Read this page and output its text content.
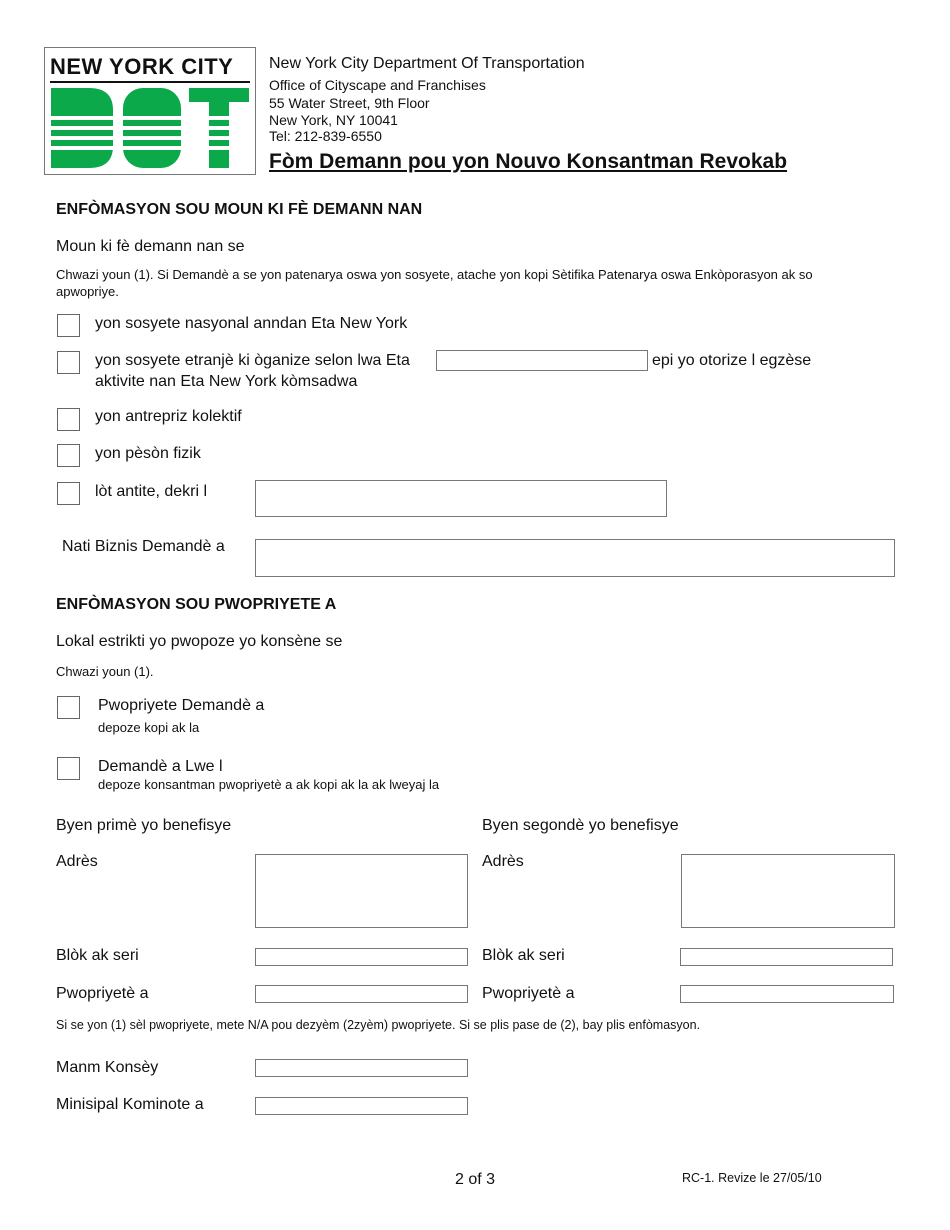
NEW YORK CITY New York City Department Of Transportation
Office of Cityscape and Franchises
55 Water Street, 9th Floor
New York, NY 10041
Tel: 212-839-6550
Fòm Demann pou yon Nouvo Konsantman Revokab
ENFÒMASYON SOU MOUN KI FÈ DEMANN NAN
Moun ki fè demann nan se
Chwazi youn (1). Si Demandè a se yon patenarya oswa yon sosyete, atache yon kopi Sètifika Patenarya oswa Enkòporasyon ak so apwopriye.
yon sosyete nasyonal anndan Eta New York
yon sosyete etranjè ki òganize selon lwa Eta	epi yo otorize l egzèse
aktivite nan Eta New York kòmsadwa
yon antrepriz kolektif
yon pèsòn fizik
lòt antite, dekri l
Nati Biznis Demandè a
ENFÒMASYON SOU PWOPRIYETE A
Lokal estrikti yo pwopoze yo konsène se
Chwazi youn (1).
Pwopriyete Demandè a
depoze kopi ak la
Demandè a Lwe l
depoze konsantman pwopriyetè a ak kopi ak la ak lweyaj la
Byen primè yo benefisye
Adrès
Blòk ak seri
Pwopriyetè a
Byen segondè yo benefisye
Adrès
Blòk ak seri
Pwopriyetè a
Si se yon (1) sèl pwopriyete, mete N/A pou dezyèm (2zyèm) pwopriyete. Si se plis pase de (2), bay plis enfòmasyon.
Manm Konsèy
Minisipal Kominote a
2 of 3	RC-1. Revize le 27/05/10
